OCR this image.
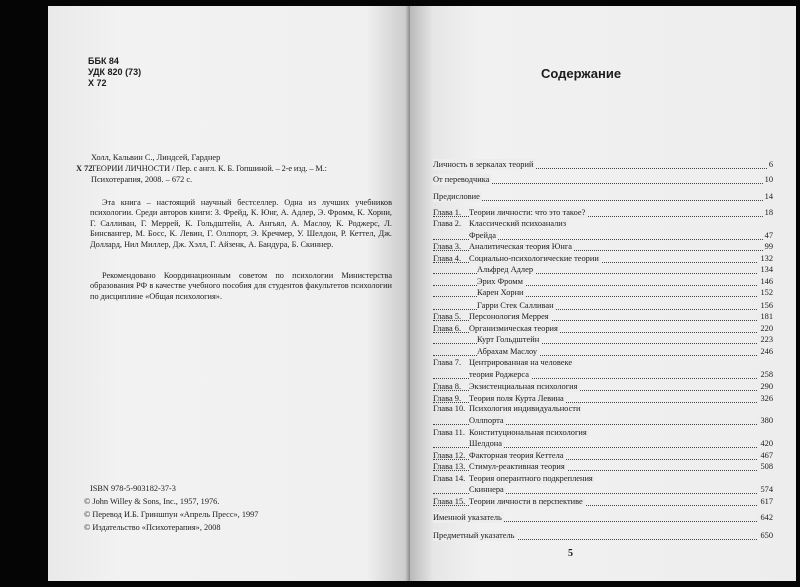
ББК 84
УДК 820 (73)
Х 72
Холл, Кальвин С., Линдсей, Гарднер
Х 72
ТЕОРИИ ЛИЧНОСТИ / Пер. с англ. К. Б. Гопшиной. – 2-е изд. – М.:
Психотерапия, 2008. – 672 с.
Эта книга – настоящий научный бестселлер. Одна из лучших учебников психологии. Среди авторов книги: З. Фрейд, К. Юнг, А. Адлер, Э. Фромм, К. Хорни, Г. Салливан, Г. Меррей, К. Гольдштейн, А. Ангьял, А. Маслоу, К. Роджерс, Л. Бинсвангер, М. Босс, К. Левин, Г. Оллпорт, Э. Кречмер, У. Шелдон, Р. Кеттел, Дж. Доллард, Нил Миллер, Дж. Хэлл, Г. Айзенк, А. Бандура, Б. Скиннер.
Рекомендовано Координационным советом по психологии Министерства образования РФ в качестве учебного пособия для студентов факультетов психологии по дисциплине «Общая психология».
ISBN 978-5-903182-37-3
© John Willey & Sons, Inc., 1957, 1976.
© Перевод И.Б. Гриншпун «Апрель Пресс», 1997
© Издательство «Психотерапия», 2008
Содержание
Личность в зеркалах теорий	6
От переводчика	10
Предисловие	14
Глава 1. Теории личности: что это такое?	18
Глава 2. Классический психоанализ
Фрейда	47
Глава 3. Аналитическая теория Юнга	99
Глава 4. Социально-психологические теории	132
Альфред Адлер	134
Эрих Фромм	146
Карен Хорни	152
Гарри Стек Салливан	156
Глава 5. Персонология Меррея	181
Глава 6. Организмическая теория	220
Курт Гольдштейн	223
Абрахам Маслоу	246
Глава 7. Центрированная на человеке
теория Роджерса	258
Глава 8. Экзистенциальная психология	290
Глава 9. Теория поля Курта Левина	326
Глава 10. Психология индивидуальности
Оллпорта	380
Глава 11. Конституциональная психология
Шелдона	420
Глава 12. Факторная теория Кеттела	467
Глава 13. Стимул-реактивная теория	508
Глава 14. Теория оперантного подкрепления
Скиннера	574
Глава 15. Теории личности в перспективе	617
Именной указатель	642
Предметный указатель	650
5
